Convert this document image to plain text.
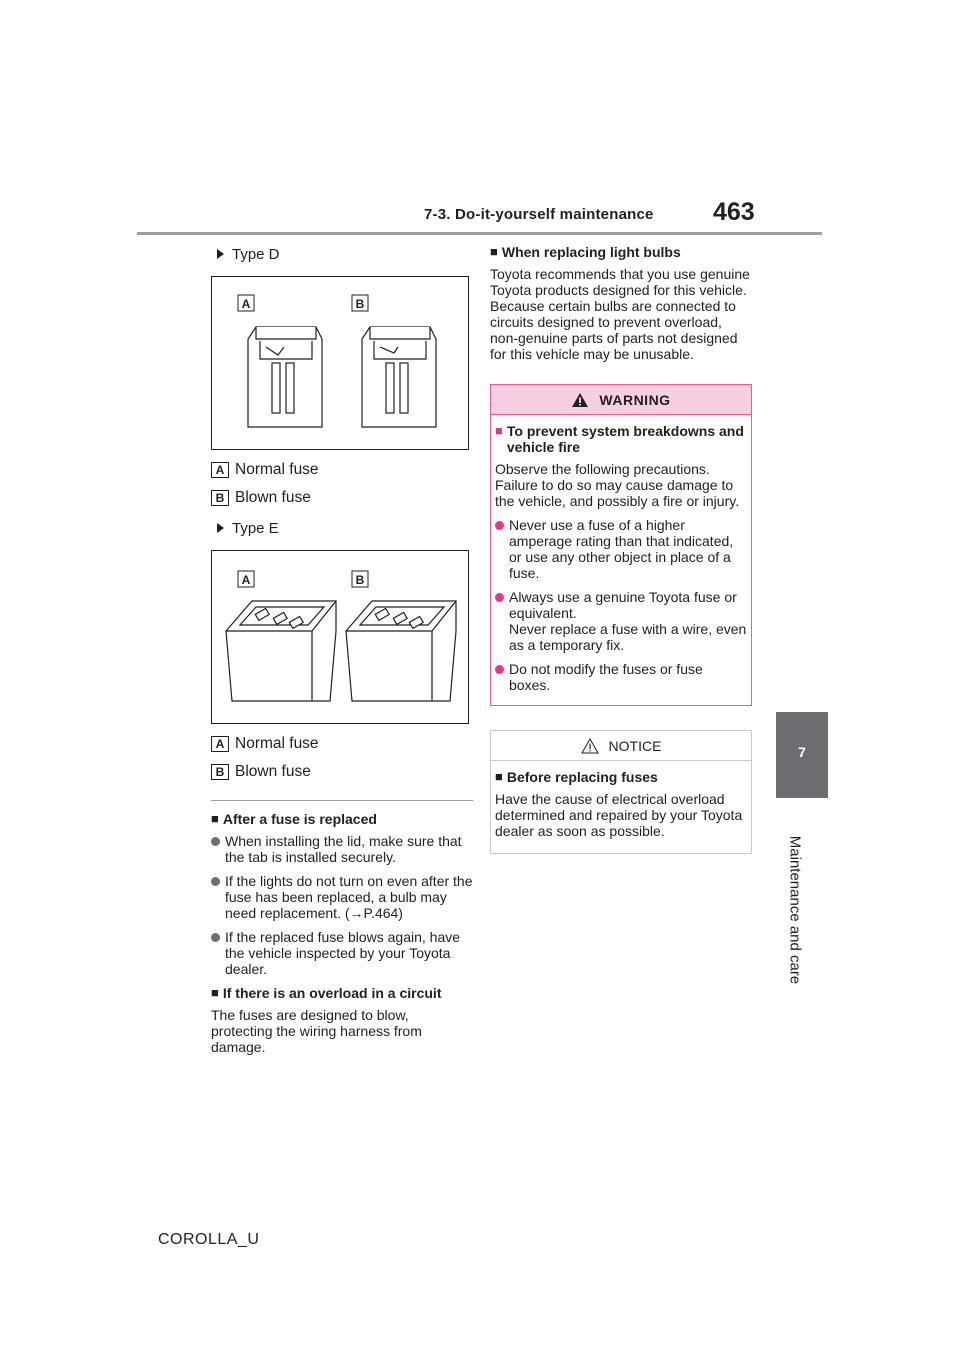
7-3. Do-it-yourself maintenance 463
7
Maintenance and care
Type D
A	B
A Normal fuse
B Blown fuse
Type E
A	B
A Normal fuse
B Blown fuse
■ After a fuse is replaced
When installing the lid, make sure that the tab is installed securely.
If the lights do not turn on even after the fuse has been replaced, a bulb may need replacement. (→P.464)
If the replaced fuse blows again, have the vehicle inspected by your Toyota dealer.
■ If there is an overload in a circuit
The fuses are designed to blow, protecting the wiring harness from damage.
■ When replacing light bulbs
Toyota recommends that you use genuine Toyota products designed for this vehicle.
Because certain bulbs are connected to circuits designed to prevent overload, non-genuine parts of parts not designed for this vehicle may be unusable.
WARNING
■ To prevent system breakdowns and vehicle fire
Observe the following precautions.
Failure to do so may cause damage to the vehicle, and possibly a fire or injury.
Never use a fuse of a higher amperage rating than that indicated, or use any other object in place of a fuse.
Always use a genuine Toyota fuse or equivalent.
Never replace a fuse with a wire, even as a temporary fix.
Do not modify the fuses or fuse boxes.
NOTICE
■ Before replacing fuses
Have the cause of electrical overload determined and repaired by your Toyota dealer as soon as possible.
COROLLA_U
